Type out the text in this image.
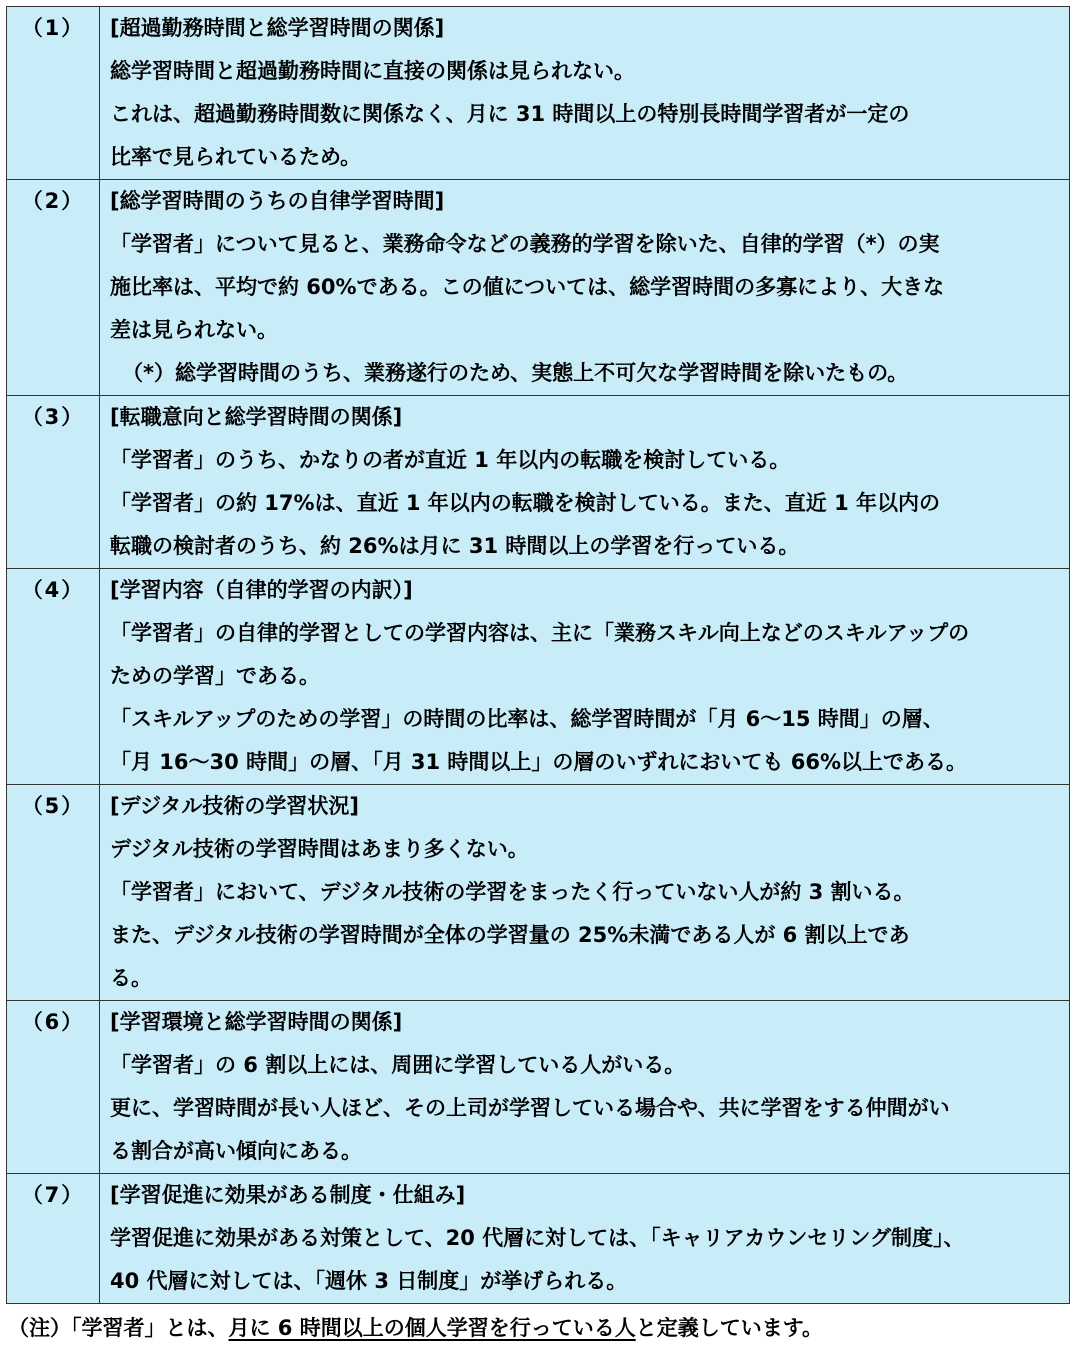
（1）	[超過勤務時間と総学習時間の関係]
総学習時間と超過勤務時間に直接の関係は見られない。
これは、超過勤務時間数に関係なく、月に 31 時間以上の特別長時間学習者が一定の
比率で見られているため。

（2）	[総学習時間のうちの自律学習時間]
「学習者」について見ると、業務命令などの義務的学習を除いた、自律的学習（*）の実
施比率は、平均で約 60%である。この値については、総学習時間の多寡により、大きな
差は見られない。
（*）総学習時間のうち、業務遂行のため、実態上不可欠な学習時間を除いたもの。

（3）	[転職意向と総学習時間の関係]
「学習者」のうち、かなりの者が直近 1 年以内の転職を検討している。
「学習者」の約 17%は、直近 1 年以内の転職を検討している。また、直近 1 年以内の
転職の検討者のうち、約 26%は月に 31 時間以上の学習を行っている。

（4）	[学習内容（自律的学習の内訳）]
「学習者」の自律的学習としての学習内容は、主に「業務スキル向上などのスキルアップの
ための学習」である。
「スキルアップのための学習」の時間の比率は、総学習時間が「月 6～15 時間」の層、
「月 16～30 時間」の層、「月 31 時間以上」の層のいずれにおいても 66%以上である。

（5）	[デジタル技術の学習状況]
デジタル技術の学習時間はあまり多くない。
「学習者」において、デジタル技術の学習をまったく行っていない人が約 3 割いる。
また、デジタル技術の学習時間が全体の学習量の 25%未満である人が 6 割以上であ
る。

（6）	[学習環境と総学習時間の関係]
「学習者」の 6 割以上には、周囲に学習している人がいる。
更に、学習時間が長い人ほど、その上司が学習している場合や、共に学習をする仲間がい
る割合が高い傾向にある。

（7）	[学習促進に効果がある制度・仕組み]
学習促進に効果がある対策として、20 代層に対しては、「キャリアカウンセリング制度」、
40 代層に対しては、「週休 3 日制度」が挙げられる。
（注）「学習者」とは、月に 6 時間以上の個人学習を行っている人と定義しています。
